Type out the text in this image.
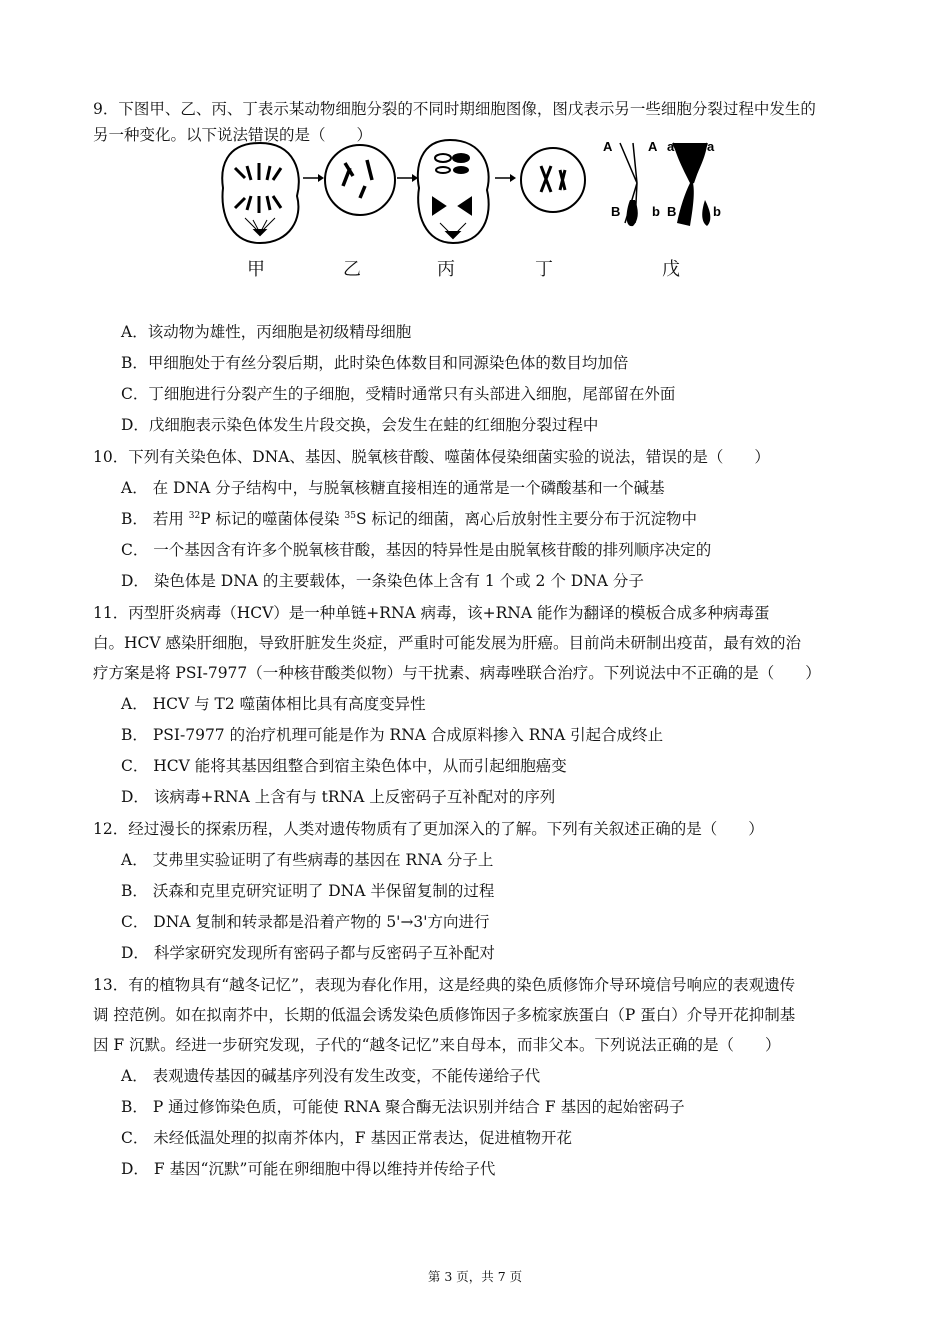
9．下图甲、乙、丙、丁表示某动物细胞分裂的不同时期细胞图像，图戊表示另一些细胞分裂过程中发生的
另一种变化。以下说法错误的是（　　）
A	A a	a
B b B	b
甲	乙	丙	丁	戊
A．该动物为雄性，丙细胞是初级精母细胞
B．甲细胞处于有丝分裂后期，此时染色体数目和同源染色体的数目均加倍
C．丁细胞进行分裂产生的子细胞，受精时通常只有头部进入细胞，尾部留在外面
D．戊细胞表示染色体发生片段交换，会发生在蛙的红细胞分裂过程中
10．下列有关染色体、DNA、基因、脱氧核苷酸、噬菌体侵染细菌实验的说法，错误的是（　　）
A． 在 DNA 分子结构中，与脱氧核糖直接相连的通常是一个磷酸基和一个碱基
B． 若用 $^{32}$P 标记的噬菌体侵染 $^{35}$S 标记的细菌，离心后放射性主要分布于沉淀物中
C． 一个基因含有许多个脱氧核苷酸，基因的特异性是由脱氧核苷酸的排列顺序决定的
D． 染色体是 DNA 的主要载体，一条染色体上含有 1 个或 2 个 DNA 分子
11．丙型肝炎病毒（HCV）是一种单链+RNA 病毒，该+RNA 能作为翻译的模板合成多种病毒蛋
白。HCV 感染肝细胞，导致肝脏发生炎症，严重时可能发展为肝癌。目前尚未研制出疫苗，最有效的治
疗方案是将 PSI-7977（一种核苷酸类似物）与干扰素、病毒唑联合治疗。下列说法中不正确的是（　　）
A． HCV 与 T2 噬菌体相比具有高度变异性
B． PSI-7977 的治疗机理可能是作为 RNA 合成原料掺入 RNA 引起合成终止
C． HCV 能将其基因组整合到宿主染色体中，从而引起细胞癌变
D． 该病毒+RNA 上含有与 tRNA 上反密码子互补配对的序列
12．经过漫长的探索历程，人类对遗传物质有了更加深入的了解。下列有关叙述正确的是（　　）
A． 艾弗里实验证明了有些病毒的基因在 RNA 分子上
B． 沃森和克里克研究证明了 DNA 半保留复制的过程
C． DNA 复制和转录都是沿着产物的 5'→3'方向进行
D． 科学家研究发现所有密码子都与反密码子互补配对
13．有的植物具有“越冬记忆”，表现为春化作用，这是经典的染色质修饰介导环境信号响应的表观遗传
调 控范例。如在拟南芥中，长期的低温会诱发染色质修饰因子多梳家族蛋白（P 蛋白）介导开花抑制基
因 F 沉默。经进一步研究发现，子代的“越冬记忆”来自母本，而非父本。下列说法正确的是（　　）
A． 表观遗传基因的碱基序列没有发生改变，不能传递给子代
B． P 通过修饰染色质，可能使 RNA 聚合酶无法识别并结合 F 基因的起始密码子
C． 未经低温处理的拟南芥体内，F 基因正常表达，促进植物开花
D． F 基因“沉默”可能在卵细胞中得以维持并传给子代
第 3 页，共 7 页
